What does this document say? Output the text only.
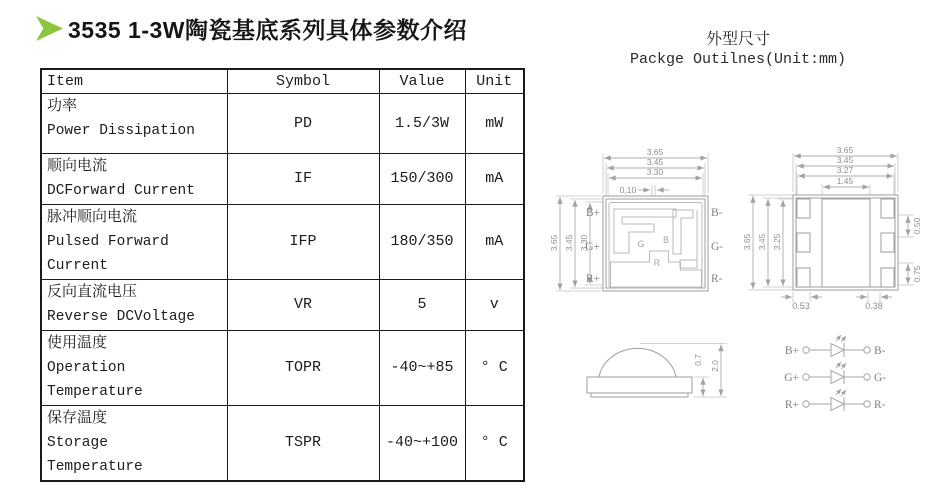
3535 1-3W陶瓷基底系列具体参数介绍	外型尺寸
Packge Outilnes(Unit:mm)
Item	Symbol	Value	Unit

功率
Power Dissipation	PD	1.5/3W	mW

顺向电流
DCForward Current	IF	150/300	mA

脉冲顺向电流
Pulsed Forward Current	IFP	180/350	mA

反向直流电压
Reverse DCVoltage	VR	5	v

使用温度
Operation Temperature	TOPR	-40~+85	° C

保存温度
Storage Temperature	TSPR	-40~+100	° C
3.65
3.45
3.30
0,10
3.65 3.45 3.30	G B
R
B+
G+
R+
B-
G-
R-
3.65
3.45
3.27
1.45
3.65 3.45 3.25
0.50
0.75
0.53	0.38
0.7
2.0
B+	B-
G+	G-
R+	R-
